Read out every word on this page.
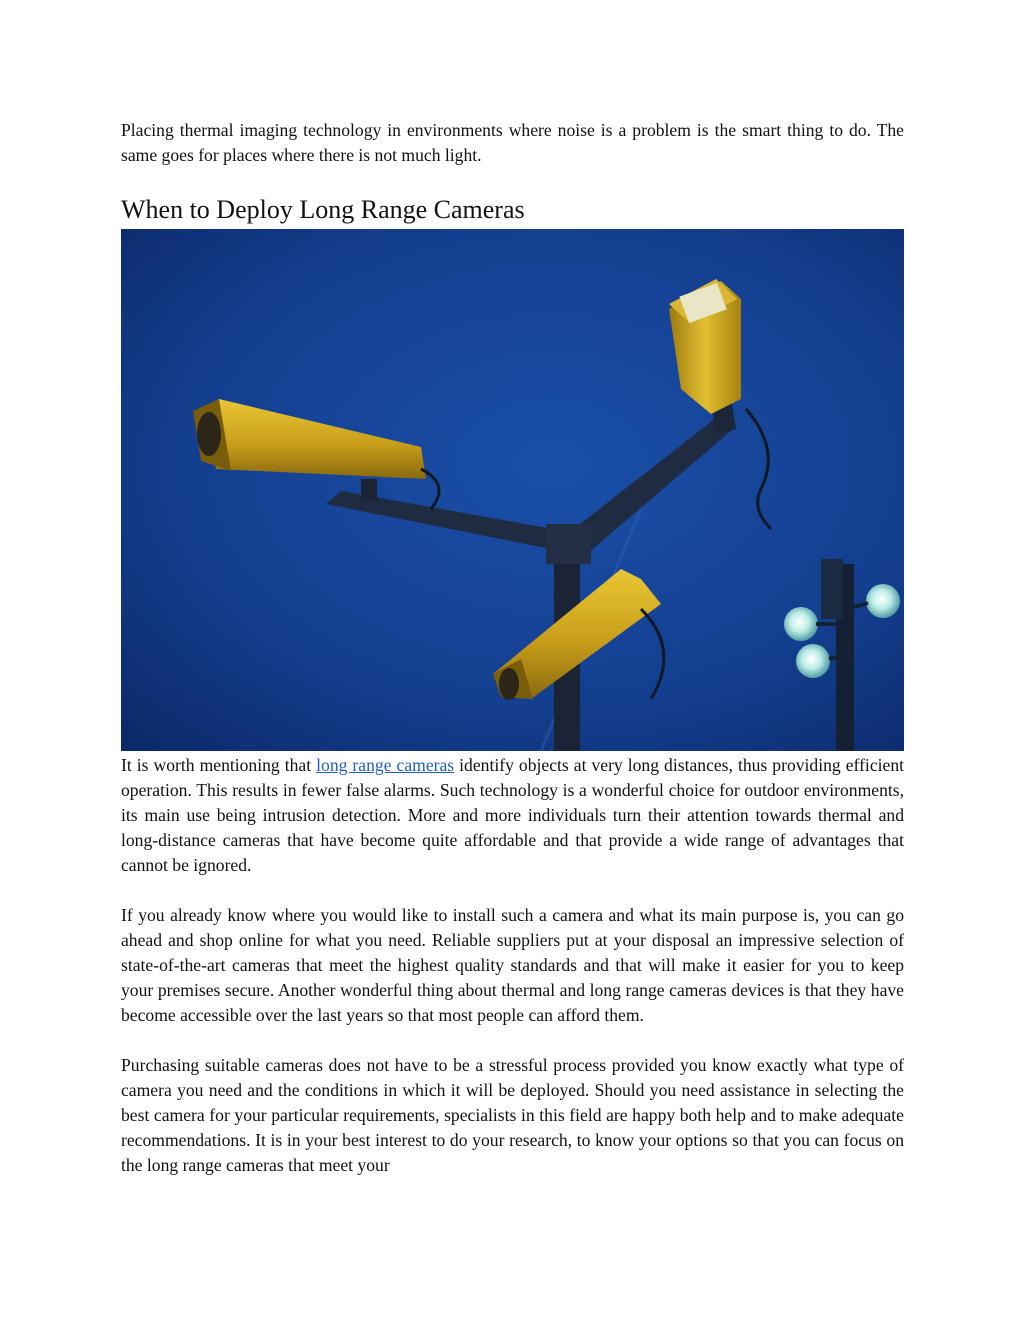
Placing thermal imaging technology in environments where noise is a problem is the smart thing to do. The same goes for places where there is not much light.

When to Deploy Long Range Cameras

It is worth mentioning that long range cameras identify objects at very long distances, thus providing efficient operation. This results in fewer false alarms. Such technology is a wonderful choice for outdoor environments, its main use being intrusion detection. More and more individuals turn their attention towards thermal and long-distance cameras that have become quite affordable and that provide a wide range of advantages that cannot be ignored.

If you already know where you would like to install such a camera and what its main purpose is, you can go ahead and shop online for what you need. Reliable suppliers put at your disposal an impressive selection of state-of-the-art cameras that meet the highest quality standards and that will make it easier for you to keep your premises secure. Another wonderful thing about thermal and long range cameras devices is that they have become accessible over the last years so that most people can afford them.

Purchasing suitable cameras does not have to be a stressful process provided you know exactly what type of camera you need and the conditions in which it will be deployed. Should you need assistance in selecting the best camera for your particular requirements, specialists in this field are happy both help and to make adequate recommendations. It is in your best interest to do your research, to know your options so that you can focus on the long range cameras that meet your
